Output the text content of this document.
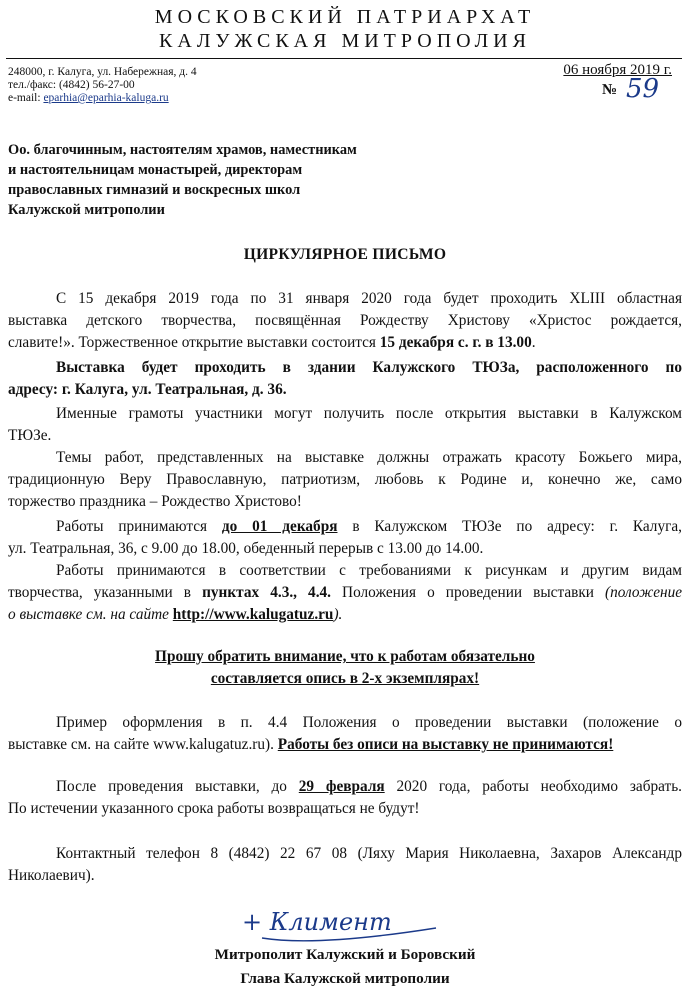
МОСКОВСКИЙ ПАТРИАРХАТ
КАЛУЖСКАЯ МИТРОПОЛИЯ
248000, г. Калуга, ул. Набережная, д. 4
тел./факс: (4842) 56-27-00
e-mail: eparhia@eparhia-kaluga.ru
06 ноября 2019 г.
№ 59
Оо. благочинным, настоятелям храмов, наместникам
и настоятельницам монастырей, директорам
православных гимназий и воскресных школ
Калужской митрополии
ЦИРКУЛЯРНОЕ ПИСЬМО
С 15 декабря 2019 года по 31 января 2020 года будет проходить XLIII областная
выставка детского творчества, посвящённая Рождеству Христову «Христос рождается,
славите!». Торжественное открытие выставки состоится 15 декабря с. г. в 13.00.
Выставка будет проходить в здании Калужского ТЮЗа, расположенного по
адресу: г. Калуга, ул. Театральная, д. 36.
Именные грамоты участники могут получить после открытия выставки в Калужском
ТЮЗе.
Темы работ, представленных на выставке должны отражать красоту Божьего мира,
традиционную Веру Православную, патриотизм, любовь к Родине и, конечно же, само
торжество праздника – Рождество Христово!
Работы принимаются до 01 декабря в Калужском ТЮЗе по адресу: г. Калуга,
ул. Театральная, 36, с 9.00 до 18.00, обеденный перерыв с 13.00 до 14.00.
Работы принимаются в соответствии с требованиями к рисункам и другим видам
творчества, указанными в пунктах 4.3., 4.4. Положения о проведении выставки (положение
о выставке см. на сайте http://www.kalugatuz.ru).
Прошу обратить внимание, что к работам обязательно
составляется опись в 2-х экземплярах!
Пример оформления в п. 4.4 Положения о проведении выставки (положение о
выставке см. на сайте www.kalugatuz.ru). Работы без описи на выставку не принимаются!
После проведения выставки, до 29 февраля 2020 года, работы необходимо забрать.
По истечении указанного срока работы возвращаться не будут!
Контактный телефон 8 (4842) 22 67 08 (Ляху Мария Николаевна, Захаров Александр
Николаевич).
+ Климент
Митрополит Калужский и Боровский
Глава Калужской митрополии
